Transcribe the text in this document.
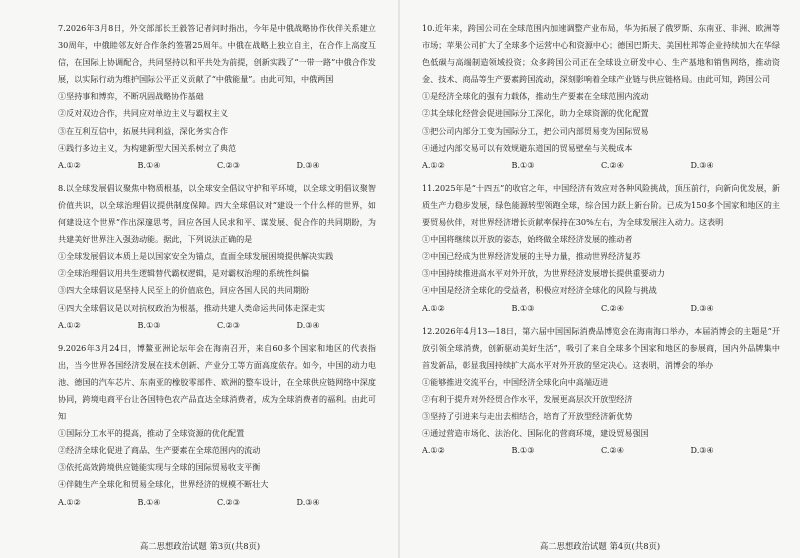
7.2026年3月8日，外交部部长王毅答记者问时指出，今年是中俄战略协作伙伴关系建立30周年，中俄睦邻友好合作条约签署25周年。中俄在战略上独立自主，在合作上高度互信，在国际上协调配合，共同坚持以和平共处为前提，创新实践了“一带一路”中俄合作发展，以实际行动为维护国际公平正义贡献了“中俄能量”。由此可知，中俄两国

①坚持事和博弈，不断巩固战略协作基础

②反对双边合作，共同应对单边主义与霸权主义

③在互利互信中，拓展共同利益，深化务实合作

④践行多边主义，为构建新型大国关系树立了典范

A.①②	B.①④	C.②③	D.③④

8.以全球发展倡议聚焦中物质根基，以全球安全倡议守护和平环境，以全球文明倡议聚智价值共识，以全球治理倡议提供制度保障。四大全球倡议对“建设一个什么样的世界，如何建设这个世界”作出深邃思考，回应各国人民求和平、谋发展、促合作的共同期盼，为共建美好世界注入强劲动能。据此，下列说法正确的是

①全球发展倡议本质上是以国家安全为锚点，直面全球发展困境提供解决实践

②全球治理倡议用共生逻辑替代霸权逻辑，是对霸权治理的系统性纠偏

③四大全球倡议是坚持人民至上的价值底色，回应各国人民的共同期盼

④四大全球倡议是以对抗权政治为根基，推动共建人类命运共同体走深走实

A.①②	B.①③	C.②③	D.③④

9.2026年3月24日，博鳌亚洲论坛年会在海南召开，来自60多个国家和地区的代表指出，当今世界各国经济发展在技术创新、产业分工等方面高度依存。如今，中国的动力电池、德国的汽车芯片、东南亚的橡胶零部件、欧洲的整车设计，在全球供应链网络中深度协同，跨境电商平台让各国特色农产品直达全球消费者，成为全球消费者的福利。由此可知

①国际分工水平的提高，推动了全球资源的优化配置

②经济全球化促进了商品、生产要素在全球范围内的流动

③依托高效跨境供应链能实现与全球的国际贸易收支平衡

④伴随生产全球化和贸易全球化，世界经济的规模不断壮大

A.①②	B.①④	C.②③	D.③④
高二思想政治试题 第3页(共8页)

10.近年来，跨国公司在全球范围内加速调整产业布局，华为拓展了俄罗斯、东南亚、非洲、欧洲等市场；苹果公司扩大了全球多个运营中心和资源中心；德国巴斯夫、美国杜邦等企业持续加大在华绿色低碳与高端制造领域投资；众多跨国公司正在全球设立研发中心、生产基地和销售网络，推动资金、技术、商品等生产要素跨国流动，深刻影响着全球产业链与供应链格局。由此可知，跨国公司

①是经济全球化的强有力载体，推动生产要素在全球范围内流动

②其全球化经营会促进国际分工深化，助力全球资源的优化配置

③把公司内部分工变为国际分工，把公司内部贸易变为国际贸易

④通过内部交易可以有效规避东道国的贸易壁垒与关税成本

A.①②	B.①③	C.②④	D.③④

11.2025年是“十四五”的收官之年，中国经济有效应对各种风险挑战，顶压前行，向新向优发展，新质生产力稳步发展，绿色能源转型领跑全球，综合国力跃上新台阶。已成为150多个国家和地区的主要贸易伙伴，对世界经济增长贡献率保持在30%左右，为全球发展注入动力。这表明

①中国将继续以开放的姿态，始终做全球经济发展的推动者

②中国已经成为世界经济发展的主导力量，推动世界经济复苏

③中国持续推进高水平对外开放，为世界经济发展增长提供重要动力

④中国是经济全球化的受益者，积极应对经济全球化的风险与挑战

A.①②	B.①③	C.②④	D.③④

12.2026年4月13—18日，第六届中国国际消费品博览会在海南海口举办，本届消博会的主题是“开放引领全球消费，创新驱动美好生活”，吸引了来自全球多个国家和地区的参展商，国内外品牌集中首发新品，彰显我国持续扩大高水平对外开放的坚定决心。这表明，消博会的举办

①能够推进交流平台，中国经济全球化向中高端迈进

②有利于提升对外经贸合作水平，发展更高层次开放型经济

③坚持了引进来与走出去相结合，培育了开放型经济新优势

④通过营造市场化、法治化、国际化的营商环境，建设贸易强国

A.①②	B.①③	C.②④	D.③④
高二思想政治试题 第4页(共8页)
